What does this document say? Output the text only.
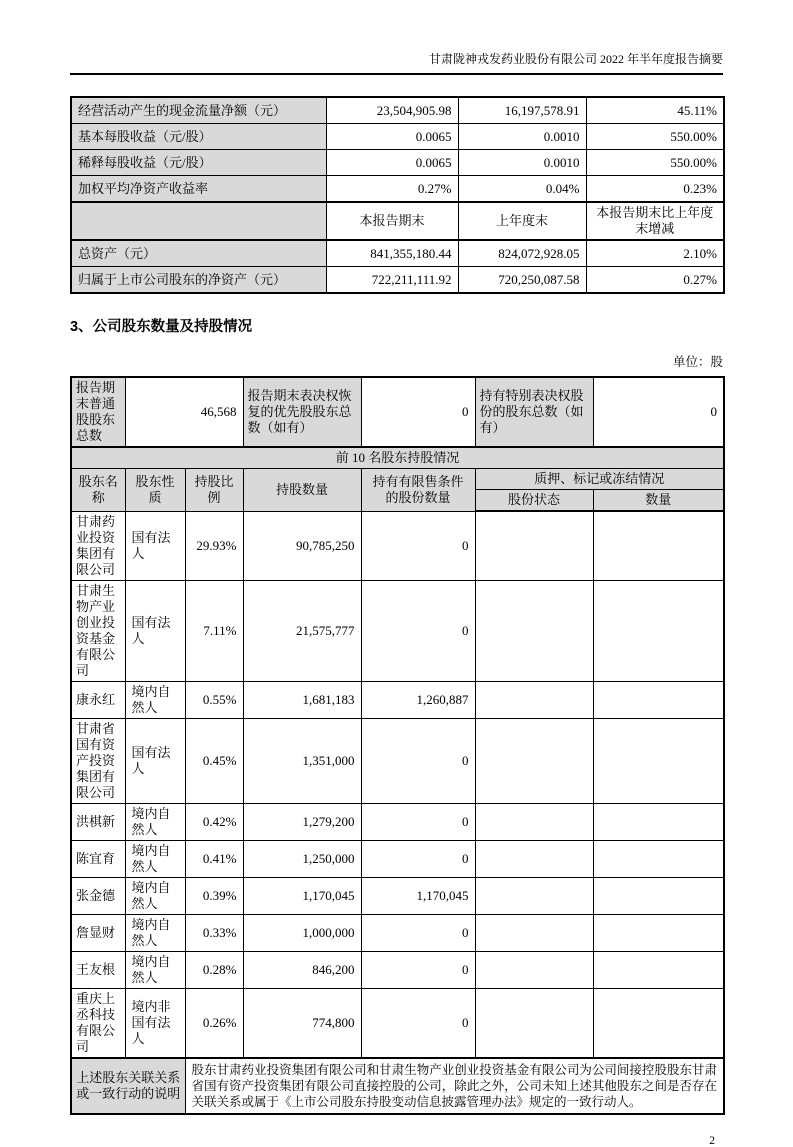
甘肃陇神戎发药业股份有限公司 2022 年半年度报告摘要
经营活动产生的现金流量净额（元）	23,504,905.98	16,197,578.91	45.11%
基本每股收益（元/股）	0.0065	0.0010	550.00%
稀释每股收益（元/股）	0.0065	0.0010	550.00%
加权平均净资产收益率	0.27%	0.04%	0.23%
	本报告期末	上年度末	本报告期末比上年度末增减
总资产（元）	841,355,180.44	824,072,928.05	2.10%
归属于上市公司股东的净资产（元）	722,211,111.92	720,250,087.58	0.27%
3、公司股东数量及持股情况
单位：股
报告期末普通股股东总数	46,568		报告期末表决权恢复的优先股股东总数（如有）	0	持有特别表决权股份的股东总数（如有）	0
前 10 名股东持股情况						
股东名称	股东性质	持股比例	持股数量	持有有限售条件的股份数量	质押、标记或冻结情况	
					股份状态	数量
甘肃药业投资集团有限公司	国有法人	29.93%	90,785,250	0		
甘肃生物产业创业投资基金有限公司	国有法人	7.11%	21,575,777	0		
康永红	境内自然人	0.55%	1,681,183	1,260,887		
甘肃省国有资产投资集团有限公司	国有法人	0.45%	1,351,000	0		
洪棋新	境内自然人	0.42%	1,279,200	0		
陈宜育	境内自然人	0.41%	1,250,000	0		
张金德	境内自然人	0.39%	1,170,045	1,170,045		
詹显财	境内自然人	0.33%	1,000,000	0		
王友根	境内自然人	0.28%	846,200	0		
重庆上丞科技有限公司	境内非国有法人	0.26%	774,800	0		
上述股东关联关系或一致行动的说明		股东甘肃药业投资集团有限公司和甘肃生物产业创业投资基金有限公司为公司间接控股股东甘肃省国有资产投资集团有限公司直接控股的公司，除此之外，公司未知上述其他股东之间是否存在关联关系或属于《上市公司股东持股变动信息披露管理办法》规定的一致行动人。				
2
